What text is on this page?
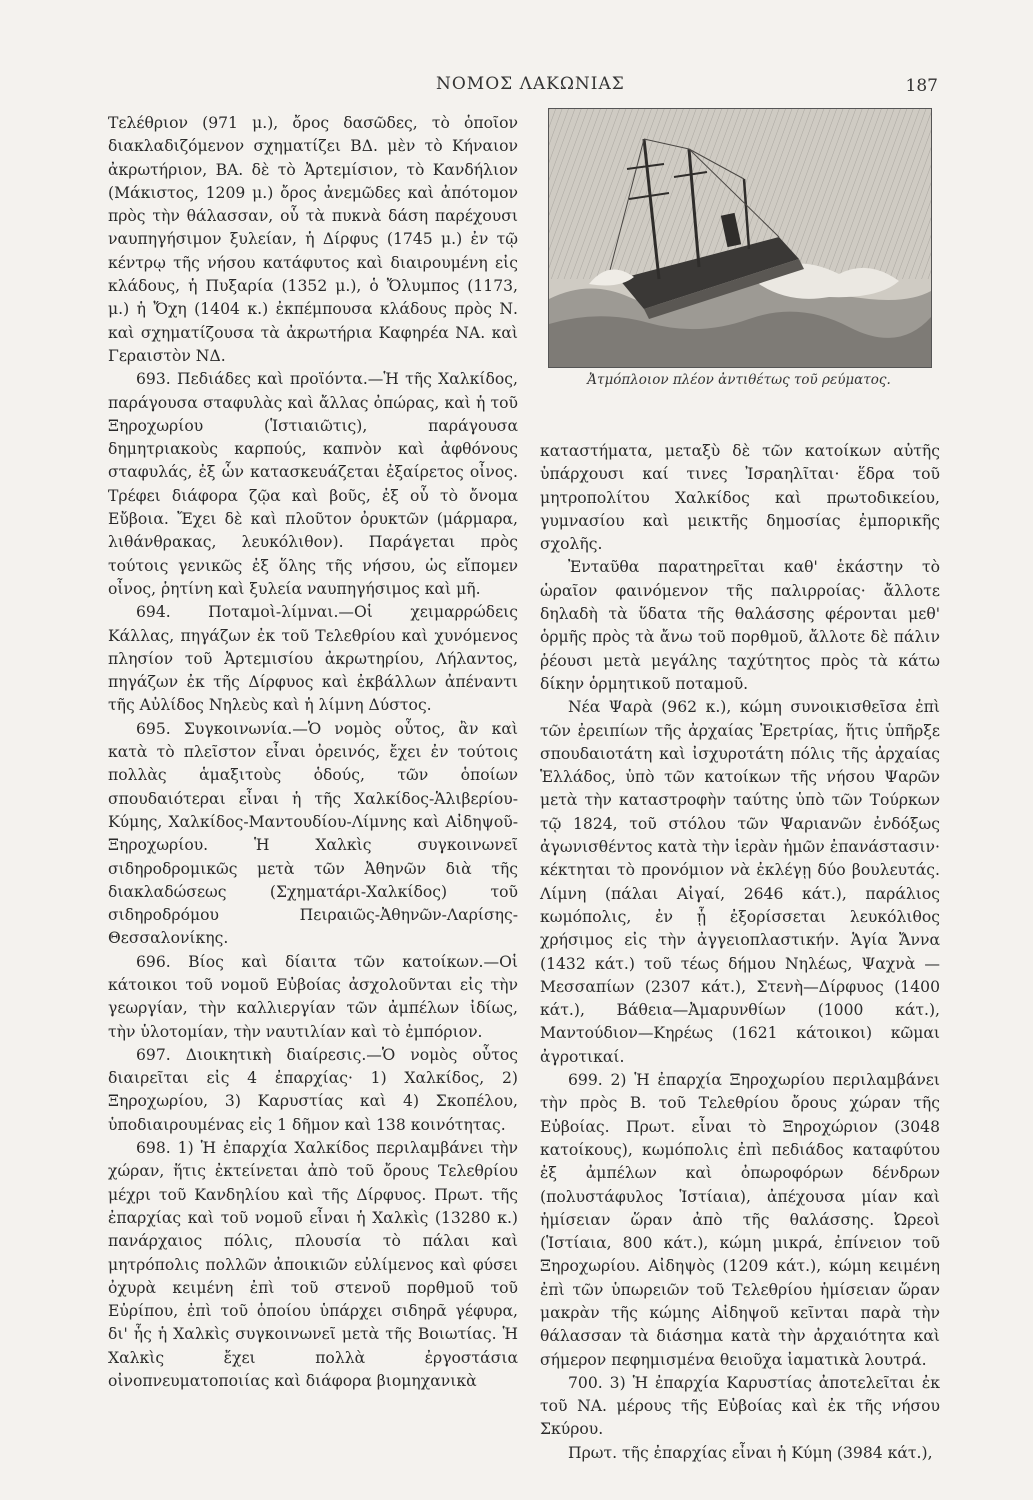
ΝΟΜΟΣ ΛΑΚΩΝΙΑΣ	187

Τελέθριον (971 μ.), ὄρος δασῶδες, τὸ ὁποῖον διακλαδιζόμενον σχηματίζει ΒΔ. μὲν τὸ Κήναιον ἀκρωτήριον, ΒΑ. δὲ τὸ Ἀρτεμίσιον, τὸ Κανδήλιον (Μάκιστος, 1209 μ.) ὄρος ἀνεμῶδες καὶ ἀπότομον πρὸς τὴν θάλασσαν, οὗ τὰ πυκνὰ δάση παρέχουσι ναυπηγήσιμον ξυλείαν, ἡ Δίρφυς (1745 μ.) ἐν τῷ κέντρῳ τῆς νήσου κατάφυτος καὶ διαιρουμένη εἰς κλάδους, ἡ Πυξαρία (1352 μ.), ὁ Ὄλυμπος (1173, μ.) ἡ Ὄχη (1404 κ.) ἐκπέμπουσα κλάδους πρὸς Ν. καὶ σχηματίζουσα τὰ ἀκρωτήρια Καφηρέα ΝΑ. καὶ Γεραιστὸν ΝΔ.

693. Πεδιάδες καὶ προϊόντα.—Ἡ τῆς Χαλκίδος, παράγουσα σταφυλὰς καὶ ἄλλας ὀπώρας, καὶ ἡ τοῦ Ξηροχωρίου (Ἱστιαιῶτις), παράγουσα δημητριακοὺς καρπούς, καπνὸν καὶ ἀφθόνους σταφυλάς, ἐξ ὧν κατασκευάζεται ἐξαίρετος οἶνος. Τρέφει διάφορα ζῷα καὶ βοῦς, ἐξ οὗ τὸ ὄνομα Εὔβοια. Ἔχει δὲ καὶ πλοῦτον ὀρυκτῶν (μάρμαρα, λιθάνθρακας, λευκόλιθον). Παράγεται πρὸς τούτοις γενικῶς ἐξ ὅλης τῆς νήσου, ὡς εἴπομεν οἶνος, ῥητίνη καὶ ξυλεία ναυπηγήσιμος καὶ μῆ.

694. Ποταμοὶ-λίμναι.—Οἱ χειμαρρώδεις Κάλλας, πηγάζων ἐκ τοῦ Τελεθρίου καὶ χυνόμενος πλησίον τοῦ Ἀρτεμισίου ἀκρωτηρίου, Λήλαντος, πηγάζων ἐκ τῆς Δίρφυος καὶ ἐκβάλλων ἀπέναντι τῆς Αὐλίδος Νηλεὺς καὶ ἡ λίμνη Δύστος.

695. Συγκοινωνία.—Ὁ νομὸς οὗτος, ἂν καὶ κατὰ τὸ πλεῖστον εἶναι ὀρεινός, ἔχει ἐν τούτοις πολλὰς ἁμαξιτοὺς ὁδούς, τῶν ὁποίων σπουδαιότεραι εἶναι ἡ τῆς Χαλκίδος-Ἁλιβερίου-Κύμης, Χαλκίδος-Μαντουδίου-Λίμνης καὶ Αἰδηψοῦ-Ξηροχωρίου. Ἡ Χαλκὶς συγκοινωνεῖ σιδηροδρομικῶς μετὰ τῶν Ἀθηνῶν διὰ τῆς διακλαδώσεως (Σχηματάρι-Χαλκίδος) τοῦ σιδηροδρόμου Πειραιῶς-Ἀθηνῶν-Λαρίσης-Θεσσαλονίκης.

696. Βίος καὶ δίαιτα τῶν κατοίκων.—Οἱ κάτοικοι τοῦ νομοῦ Εὐβοίας ἀσχολοῦνται εἰς τὴν γεωργίαν, τὴν καλλιεργίαν τῶν ἀμπέλων ἰδίως, τὴν ὑλοτομίαν, τὴν ναυτιλίαν καὶ τὸ ἐμπόριον.

697. Διοικητικὴ διαίρεσις.—Ὁ νομὸς οὗτος διαιρεῖται εἰς 4 ἐπαρχίας· 1) Χαλκίδος, 2) Ξηροχωρίου, 3) Καρυστίας καὶ 4) Σκοπέλου, ὑποδιαιρουμένας εἰς 1 δῆμον καὶ 138 κοινότητας.

698. 1) Ἡ ἐπαρχία Χαλκίδος περιλαμβάνει τὴν χώραν, ἥτις ἐκτείνεται ἀπὸ τοῦ ὄρους Τελεθρίου μέχρι τοῦ Κανδηλίου καὶ τῆς Δίρφυος. Πρωτ. τῆς ἐπαρχίας καὶ τοῦ νομοῦ εἶναι ἡ Χαλκὶς (13280 κ.) πανάρχαιος πόλις, πλουσία τὸ πάλαι καὶ μητρόπολις πολλῶν ἀποικιῶν εὐλίμενος καὶ φύσει ὀχυρὰ κειμένη ἐπὶ τοῦ στενοῦ πορθμοῦ τοῦ Εὐρίπου, ἐπὶ τοῦ ὁποίου ὑπάρχει σιδηρᾶ γέφυρα, δι' ἧς ἡ Χαλκὶς συγκοινωνεῖ μετὰ τῆς Βοιωτίας. Ἡ Χαλκὶς ἔχει πολλὰ ἐργοστάσια οἰνοπνευματοποιίας καὶ διάφορα βιομηχανικὰ

Ἀτμόπλοιον πλέον ἀντιθέτως τοῦ ρεύματος.

καταστήματα, μεταξὺ δὲ τῶν κατοίκων αὐτῆς ὑπάρχουσι καί τινες Ἰσραηλῖται· ἕδρα τοῦ μητροπολίτου Χαλκίδος καὶ πρωτοδικείου, γυμνασίου καὶ μεικτῆς δημοσίας ἐμπορικῆς σχολῆς.

Ἐνταῦθα παρατηρεῖται καθ' ἑκάστην τὸ ὡραῖον φαινόμενον τῆς παλιρροίας· ἄλλοτε δηλαδὴ τὰ ὕδατα τῆς θαλάσσης φέρονται μεθ' ὁρμῆς πρὸς τὰ ἄνω τοῦ πορθμοῦ, ἄλλοτε δὲ πάλιν ῥέουσι μετὰ μεγάλης ταχύτητος πρὸς τὰ κάτω δίκην ὁρμητικοῦ ποταμοῦ.

Νέα Ψαρὰ (962 κ.), κώμη συνοικισθεῖσα ἐπὶ τῶν ἐρειπίων τῆς ἀρχαίας Ἐρετρίας, ἥτις ὑπῆρξε σπουδαιοτάτη καὶ ἰσχυροτάτη πόλις τῆς ἀρχαίας Ἑλλάδος, ὑπὸ τῶν κατοίκων τῆς νήσου Ψαρῶν μετὰ τὴν καταστροφὴν ταύτης ὑπὸ τῶν Τούρκων τῷ 1824, τοῦ στόλου τῶν Ψαριανῶν ἐνδόξως ἀγωνισθέντος κατὰ τὴν ἱερὰν ἡμῶν ἐπανάστασιν· κέκτηται τὸ προνόμιον νὰ ἐκλέγῃ δύο βουλευτάς. Λίμνη (πάλαι Αἰγαί, 2646 κάτ.), παράλιος κωμόπολις, ἐν ᾗ ἐξορίσσεται λευκόλιθος χρήσιμος εἰς τὴν ἀγγειοπλαστικήν. Ἁγία Ἄννα (1432 κάτ.) τοῦ τέως δήμου Νηλέως, Ψαχνὰ — Μεσσαπίων (2307 κάτ.), Στενὴ—Δίρφυος (1400 κάτ.), Βάθεια—Ἀμαρυνθίων (1000 κάτ.), Μαντούδιον—Κηρέως (1621 κάτοικοι) κῶμαι ἀγροτικαί.

699. 2) Ἡ ἐπαρχία Ξηροχωρίου περιλαμβάνει τὴν πρὸς Β. τοῦ Τελεθρίου ὄρους χώραν τῆς Εὐβοίας. Πρωτ. εἶναι τὸ Ξηροχώριον (3048 κατοίκους), κωμόπολις ἐπὶ πεδιάδος καταφύτου ἐξ ἀμπέλων καὶ ὀπωροφόρων δένδρων (πολυστάφυλος Ἱστίαια), ἀπέχουσα μίαν καὶ ἡμίσειαν ὥραν ἀπὸ τῆς θαλάσσης. Ὠρεοὶ (Ἱστίαια, 800 κάτ.), κώμη μικρά, ἐπίνειον τοῦ Ξηροχωρίου. Αἰδηψὸς (1209 κάτ.), κώμη κειμένη ἐπὶ τῶν ὑπωρειῶν τοῦ Τελεθρίου ἡμίσειαν ὥραν μακρὰν τῆς κώμης Αἰδηψοῦ κεῖνται παρὰ τὴν θάλασσαν τὰ διάσημα κατὰ τὴν ἀρχαιότητα καὶ σήμερον πεφημισμένα θειοῦχα ἰαματικὰ λουτρά.

700. 3) Ἡ ἐπαρχία Καρυστίας ἀποτελεῖται ἐκ τοῦ ΝΑ. μέρους τῆς Εὐβοίας καὶ ἐκ τῆς νήσου Σκύρου.

Πρωτ. τῆς ἐπαρχίας εἶναι ἡ Κύμη (3984 κάτ.),
